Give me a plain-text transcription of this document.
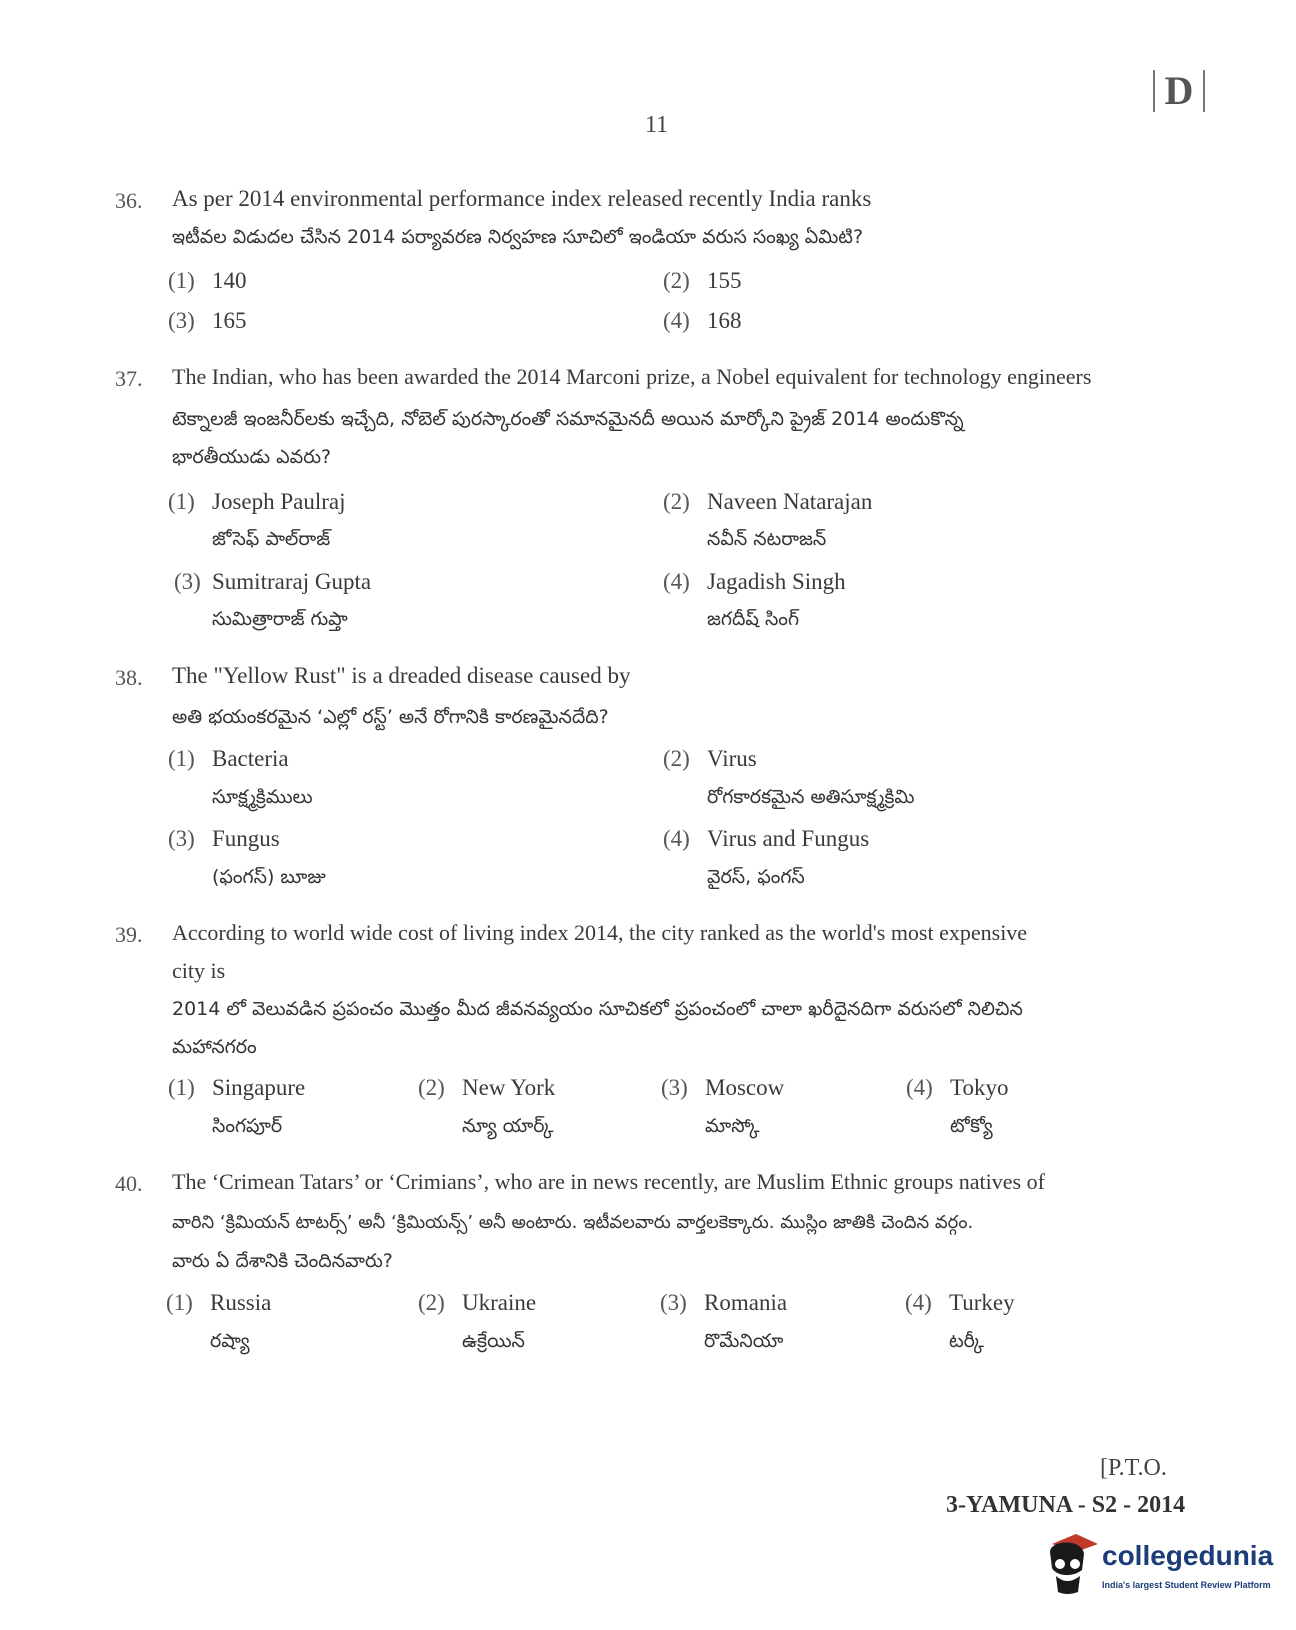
D
11
36. As per 2014 environmental performance index released recently India ranks
ఇటీవల విడుదల చేసిన 2014 పర్యావరణ నిర్వహణ సూచిలో ఇండియా వరుస సంఖ్య ఏమిటి?
(1) 140	(2) 155
(3) 165	(4) 168
37. The Indian, who has been awarded the 2014 Marconi prize, a Nobel equivalent for technology engineers
టెక్నాలజీ ఇంజనీర్‌లకు ఇచ్చేది, నోబెల్ పురస్కారంతో సమానమైనదీ అయిన మార్కోని ప్రైజ్ 2014 అందుకొన్న
భారతీయుడు ఎవరు?
(1) Joseph Paulraj
జోసెఫ్ పాల్‌రాజ్
(2) Naveen Natarajan
నవీన్ నటరాజన్
(3) Sumitraraj Gupta
సుమిత్రారాజ్ గుప్తా
(4) Jagadish Singh
జగదీష్ సింగ్
38. The "Yellow Rust" is a dreaded disease caused by
అతి భయంకరమైన ‘ఎల్లో రస్ట్’ అనే రోగానికి కారణమైనదేది?
(1) Bacteria
సూక్ష్మక్రిములు
(2) Virus
రోగకారకమైన అతిసూక్ష్మక్రిమి
(3) Fungus
(ఫంగస్) బూజు
(4) Virus and Fungus
వైరస్, ఫంగస్
39. According to world wide cost of living index 2014, the city ranked as the world's most expensive
city is
2014 లో వెలువడిన ప్రపంచం మొత్తం మీద జీవనవ్యయం సూచికలో ప్రపంచంలో చాలా ఖరీదైనదిగా వరుసలో నిలిచిన
మహానగరం
(1) Singapure
సింగపూర్
(2) New York
న్యూ యార్క్
(3) Moscow
మాస్కో
(4) Tokyo
టోక్యో
40. The ‘Crimean Tatars’ or ‘Crimians’, who are in news recently, are Muslim Ethnic groups natives of
వారిని ‘క్రిమియన్ టాటర్స్’ అనీ ‘క్రిమియన్స్’ అనీ అంటారు. ఇటీవలవారు వార్తలకెక్కారు. ముస్లిం జాతికి చెందిన వర్గం.
వారు ఏ దేశానికి చెందినవారు?
(1) Russia
రష్యా
(2) Ukraine
ఉక్రేయిన్
(3) Romania
రొమేనియా
(4) Turkey
టర్కీ
[P.T.O.
3-YAMUNA - S2 - 2014
collegedunia
India's largest Student Review Platform
